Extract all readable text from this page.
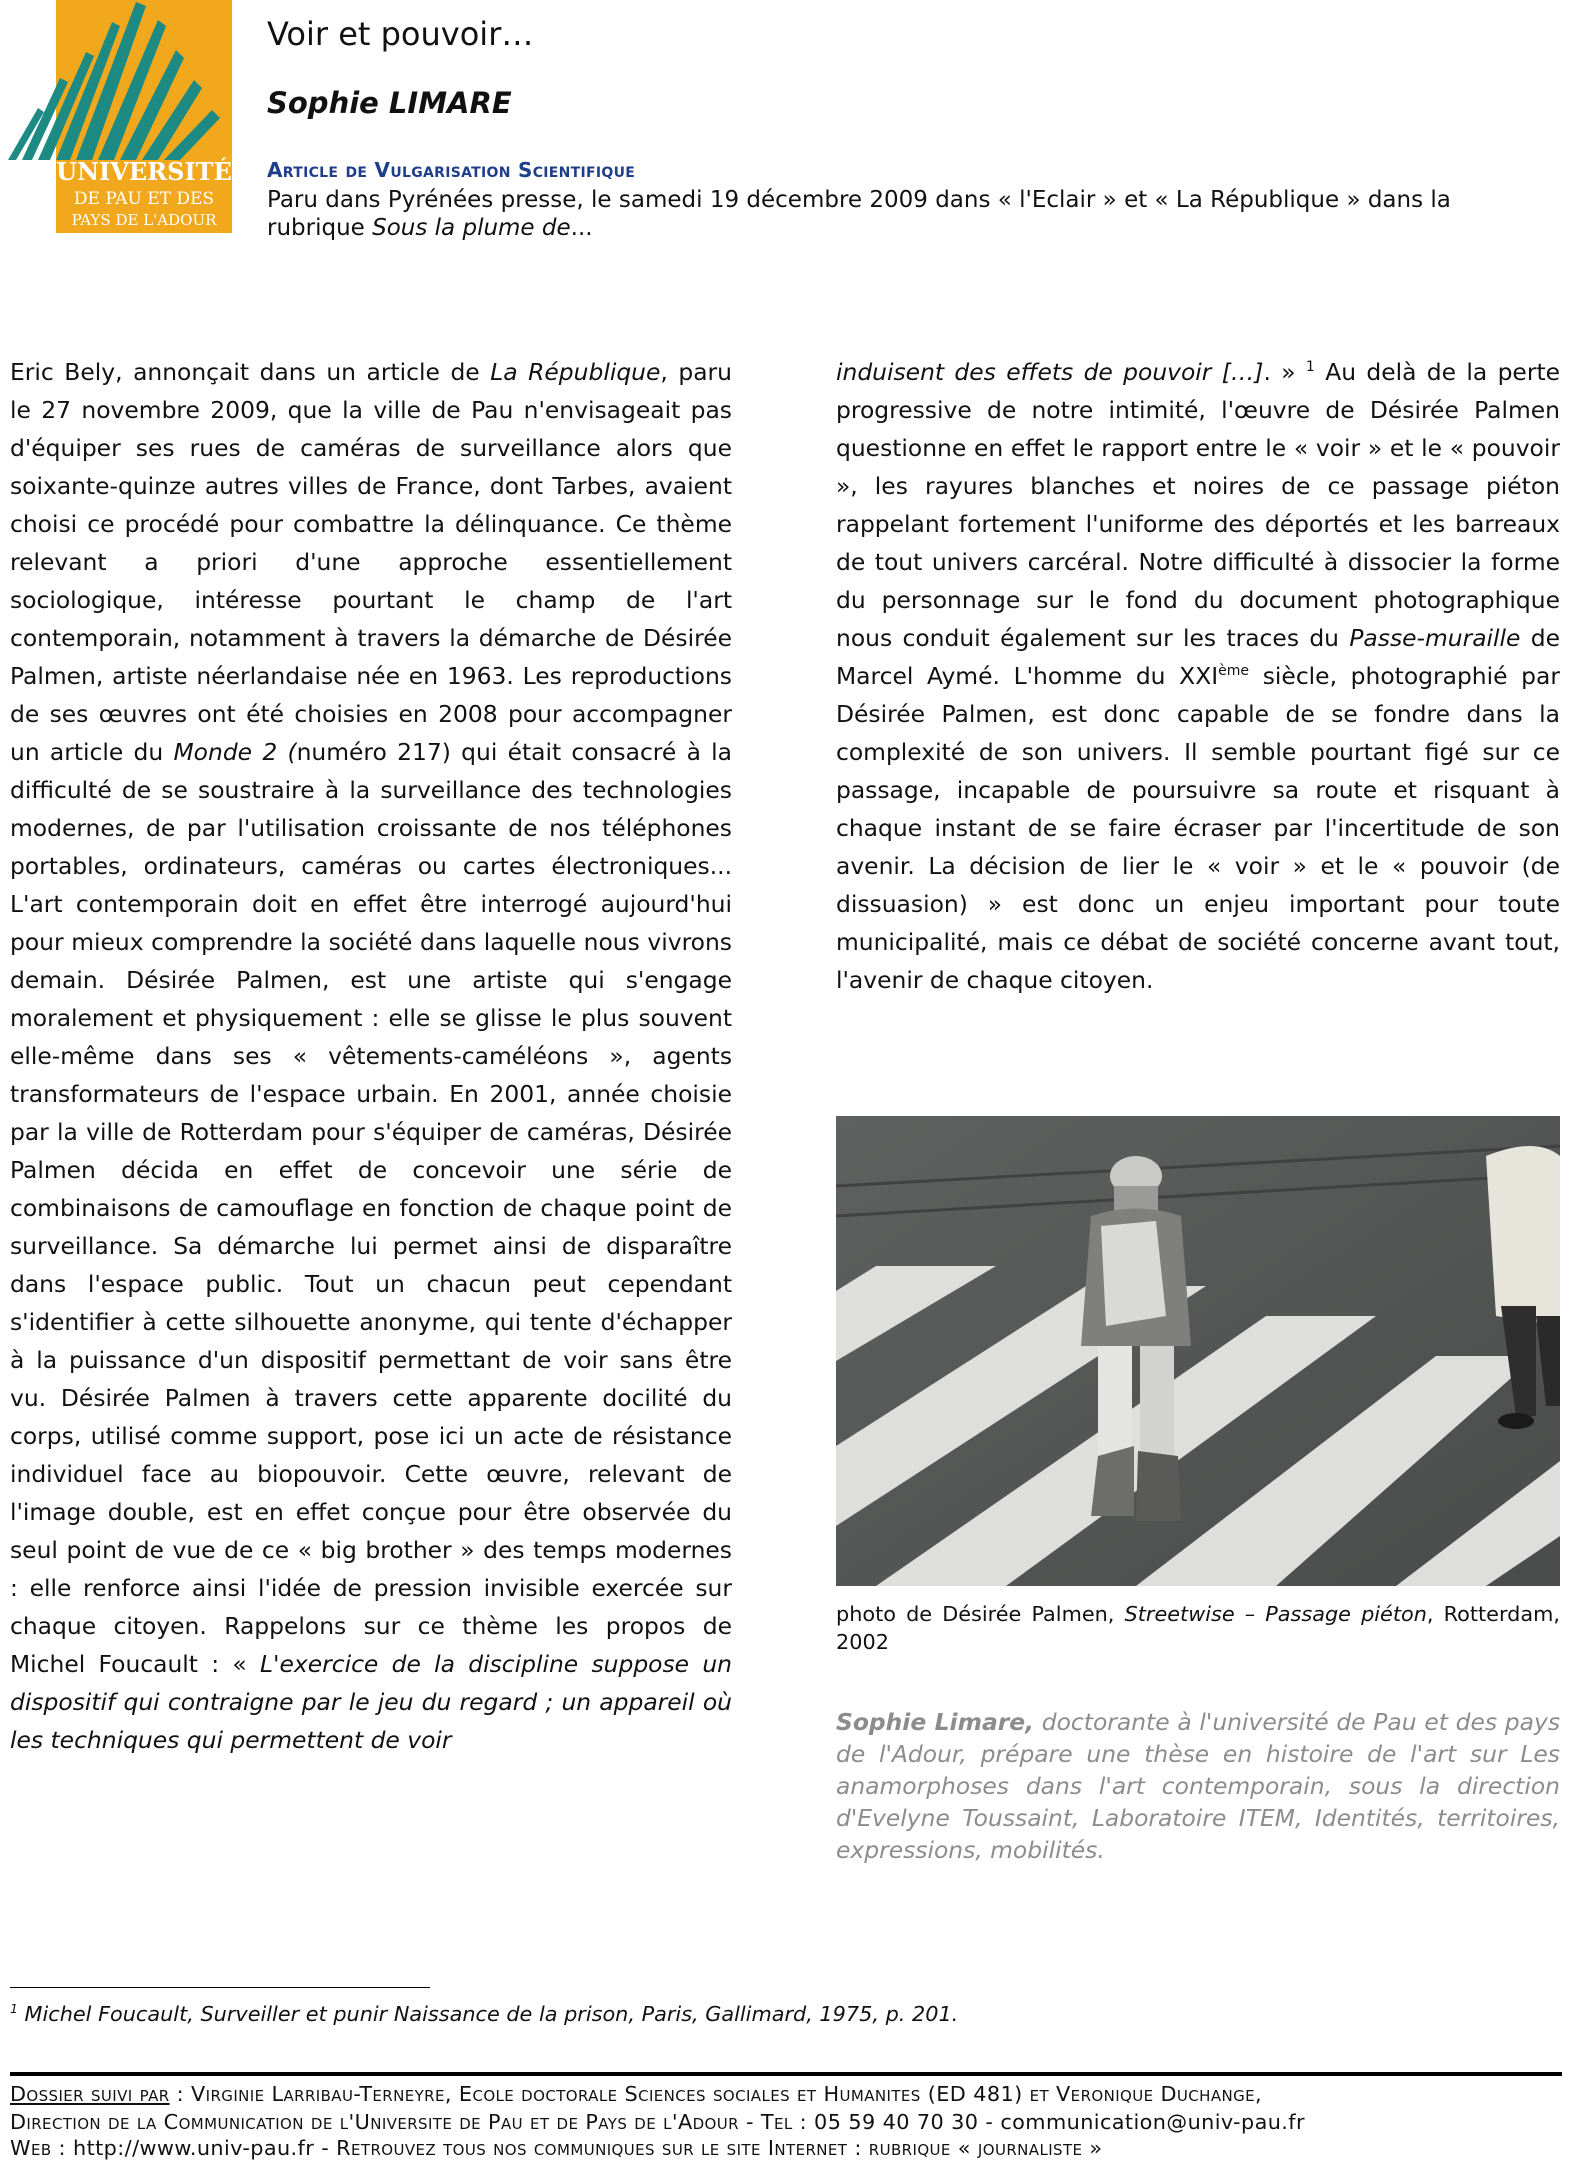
UNIVERSITÉ
DE PAU ET DES
PAYS DE L'ADOUR
Voir et pouvoir…
Sophie LIMARE
Article de Vulgarisation Scientifique
Paru dans Pyrénées presse, le samedi 19 décembre 2009 dans « l'Eclair » et « La République » dans la rubrique Sous la plume de...

Eric Bely, annonçait dans un article de La République, paru le 27 novembre 2009, que la ville de Pau n'envisageait pas d'équiper ses rues de caméras de surveillance alors que soixante-quinze autres villes de France, dont Tarbes, avaient choisi ce procédé pour combattre la délinquance. Ce thème relevant a priori d'une approche essentiellement sociologique, intéresse pourtant le champ de l'art contemporain, notamment à travers la démarche de Désirée Palmen, artiste néerlandaise née en 1963. Les reproductions de ses œuvres ont été choisies en 2008 pour accompagner un article du Monde 2 (numéro 217) qui était consacré à la difficulté de se soustraire à la surveillance des technologies modernes, de par l'utilisation croissante de nos téléphones portables, ordinateurs, caméras ou cartes électroniques... L'art contemporain doit en effet être interrogé aujourd'hui pour mieux comprendre la société dans laquelle nous vivrons demain. Désirée Palmen, est une artiste qui s'engage moralement et physiquement : elle se glisse le plus souvent elle-même dans ses « vêtements-caméléons », agents transformateurs de l'espace urbain. En 2001, année choisie par la ville de Rotterdam pour s'équiper de caméras, Désirée Palmen décida en effet de concevoir une série de combinaisons de camouflage en fonction de chaque point de surveillance. Sa démarche lui permet ainsi de disparaître dans l'espace public. Tout un chacun peut cependant s'identifier à cette silhouette anonyme, qui tente d'échapper à la puissance d'un dispositif permettant de voir sans être vu. Désirée Palmen à travers cette apparente docilité du corps, utilisé comme support, pose ici un acte de résistance individuel face au biopouvoir. Cette œuvre, relevant de l'image double, est en effet conçue pour être observée du seul point de vue de ce « big brother » des temps modernes : elle renforce ainsi l'idée de pression invisible exercée sur chaque citoyen. Rappelons sur ce thème les propos de Michel Foucault : « L'exercice de la discipline suppose un dispositif qui contraigne par le jeu du regard ; un appareil où les techniques qui permettent de voir

induisent des effets de pouvoir […]. » $^1$ Au delà de la perte progressive de notre intimité, l'œuvre de Désirée Palmen questionne en effet le rapport entre le « voir » et le « pouvoir », les rayures blanches et noires de ce passage piéton rappelant fortement l'uniforme des déportés et les barreaux de tout univers carcéral. Notre difficulté à dissocier la forme du personnage sur le fond du document photographique nous conduit également sur les traces du Passe-muraille de Marcel Aymé. L'homme du XXIème siècle, photographié par Désirée Palmen, est donc capable de se fondre dans la complexité de son univers. Il semble pourtant figé sur ce passage, incapable de poursuivre sa route et risquant à chaque instant de se faire écraser par l'incertitude de son avenir. La décision de lier le « voir » et le « pouvoir (de dissuasion) » est donc un enjeu important pour toute municipalité, mais ce débat de société concerne avant tout, l'avenir de chaque citoyen.

photo de Désirée Palmen, Streetwise – Passage piéton, Rotterdam, 2002
Sophie Limare, doctorante à l'université de Pau et des pays de l'Adour, prépare une thèse en histoire de l'art sur Les anamorphoses dans l'art contemporain, sous la direction d'Evelyne Toussaint, Laboratoire ITEM, Identités, territoires, expressions, mobilités.
$^1$ Michel Foucault, Surveiller et punir Naissance de la prison, Paris, Gallimard, 1975, p. 201.
Dossier suivi par : Virginie Larribau-Terneyre, Ecole doctorale Sciences sociales et Humanites (ED 481) et Veronique Duchange,
Direction de la Communication de l'Universite de Pau et de Pays de l'Adour - Tel : 05 59 40 70 30 - communication@univ-pau.fr
Web : http://www.univ-pau.fr - Retrouvez tous nos communiques sur le site Internet : rubrique « journaliste »
